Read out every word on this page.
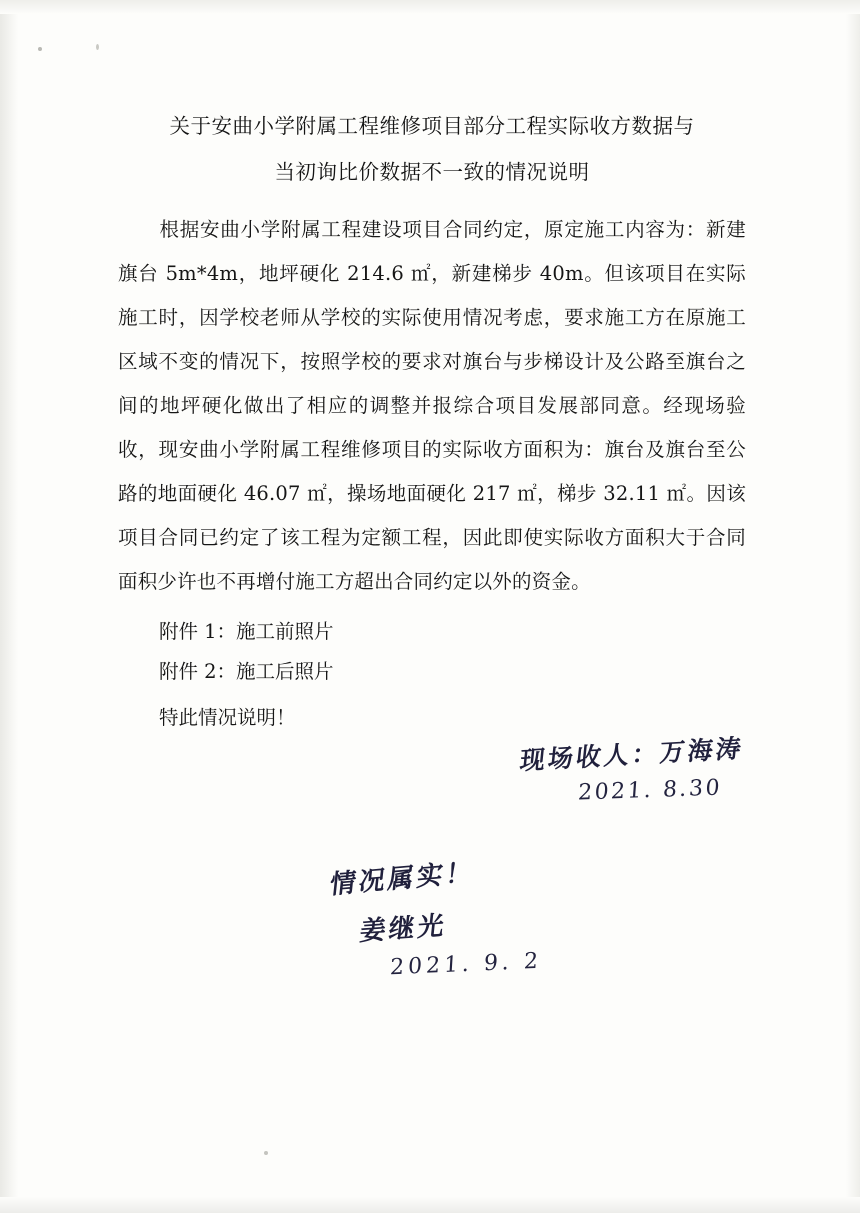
关于安曲小学附属工程维修项目部分工程实际收方数据与
当初询比价数据不一致的情况说明
根据安曲小学附属工程建设项目合同约定，原定施工内容为：新建旗台 5m*4m，地坪硬化 214.6 ㎡，新建梯步 40m。但该项目在实际施工时，因学校老师从学校的实际使用情况考虑，要求施工方在原施工区域不变的情况下，按照学校的要求对旗台与步梯设计及公路至旗台之间的地坪硬化做出了相应的调整并报综合项目发展部同意。经现场验收，现安曲小学附属工程维修项目的实际收方面积为：旗台及旗台至公路的地面硬化 46.07 ㎡，操场地面硬化 217 ㎡，梯步 32.11 ㎡。因该项目合同已约定了该工程为定额工程，因此即使实际收方面积大于合同面积少许也不再增付施工方超出合同约定以外的资金。
附件 1：施工前照片
附件 2：施工后照片
特此情况说明！
现场收人：万海涛
2021. 8.30
情况属实！
姜继光
2021. 9. 2
